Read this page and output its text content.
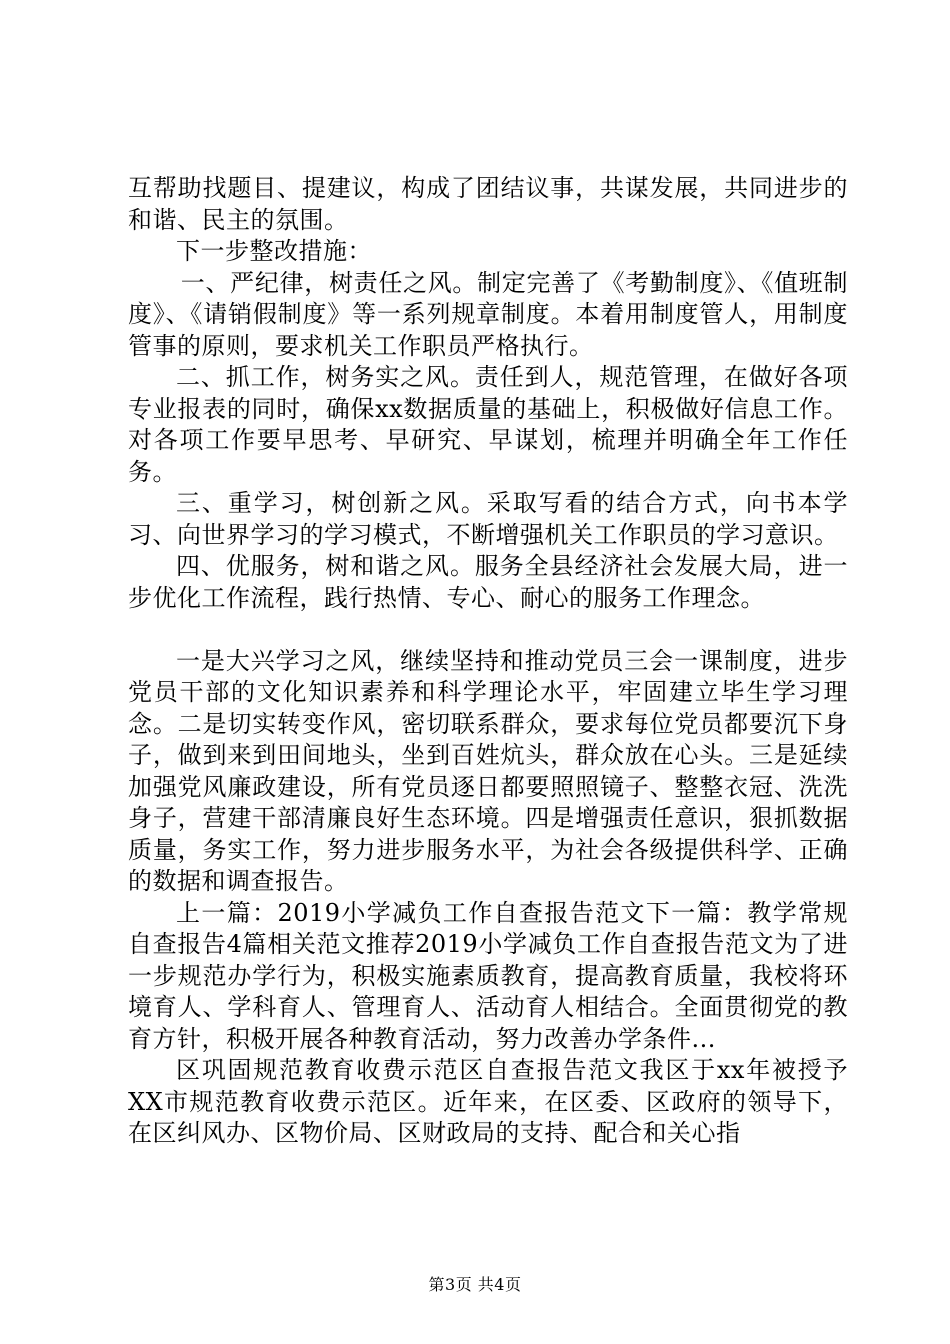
互帮助找题目、提建议，构成了团结议事，共谋发展，共同进步的和谐、民主的氛围。

下一步整改措施：

一、严纪律，树责任之风。制定完善了《考勤制度》、《值班制度》、《请销假制度》等一系列规章制度。本着用制度管人，用制度管事的原则，要求机关工作职员严格执行。

二、抓工作，树务实之风。责任到人，规范管理，在做好各项专业报表的同时，确保xx数据质量的基础上，积极做好信息工作。对各项工作要早思考、早研究、早谋划，梳理并明确全年工作任务。

三、重学习，树创新之风。采取写看的结合方式，向书本学习、向世界学习的学习模式，不断增强机关工作职员的学习意识。

四、优服务，树和谐之风。服务全县经济社会发展大局，进一步优化工作流程，践行热情、专心、耐心的服务工作理念。

一是大兴学习之风，继续坚持和推动党员三会一课制度，进步党员干部的文化知识素养和科学理论水平，牢固建立毕生学习理念。二是切实转变作风，密切联系群众，要求每位党员都要沉下身子，做到来到田间地头，坐到百姓炕头，群众放在心头。三是延续加强党风廉政建设，所有党员逐日都要照照镜子、整整衣冠、洗洗身子，营建干部清廉良好生态环境。四是增强责任意识，狠抓数据质量，务实工作，努力进步服务水平，为社会各级提供科学、正确的数据和调查报告。

上一篇：2019小学减负工作自查报告范文下一篇：教学常规自查报告4篇相关范文推荐2019小学减负工作自查报告范文为了进一步规范办学行为，积极实施素质教育，提高教育质量，我校将环境育人、学科育人、管理育人、活动育人相结合。全面贯彻党的教育方针，积极开展各种教育活动，努力改善办学条件...

区巩固规范教育收费示范区自查报告范文我区于xx年被授予XX市规范教育收费示范区。近年来，在区委、区政府的领导下，在区纠风办、区物价局、区财政局的支持、配合和关心指

第3页 共4页
